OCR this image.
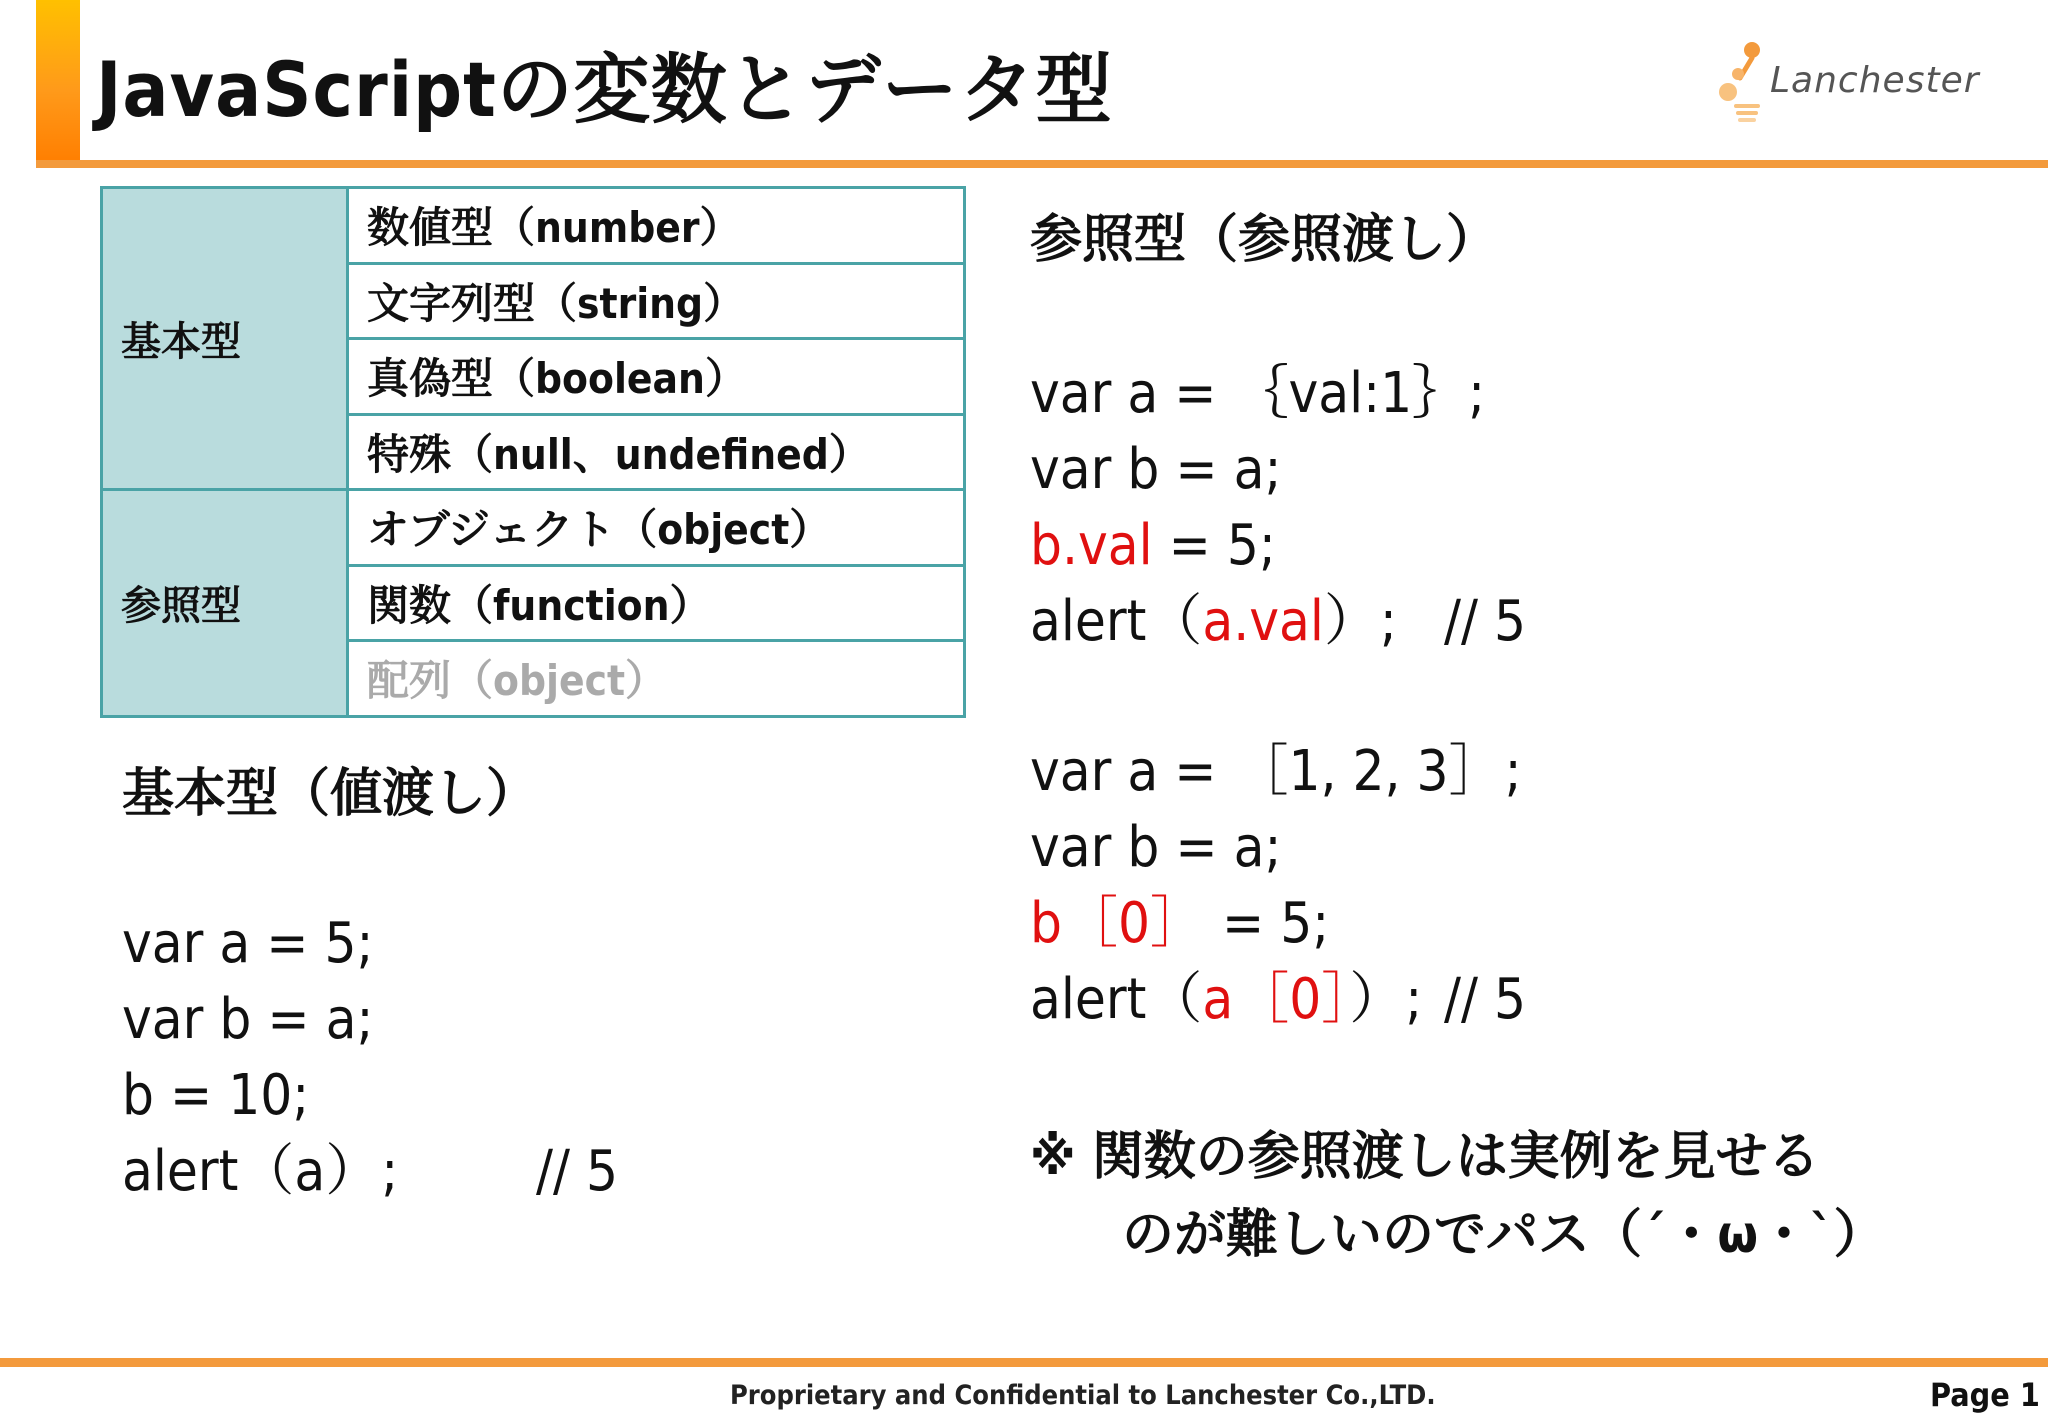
JavaScriptの変数とデータ型	Lanchester
基本型	数値型（number）
	文字列型（string）
	真偽型（boolean）
	特殊（null、undefined）
参照型	オブジェクト（object）
	関数（function）
	配列（object）
基本型（値渡し）
var a = 5;
var b = a;
b = 10;
alert（a）; // 5
参照型（参照渡し）
var a = ｛val:1｝;
var b = a;
b.val = 5;
alert（a.val）; // 5
var a = ［1, 2, 3］;
var b = a;
b［0］ = 5;
alert（a［0］）; // 5
※ 関数の参照渡しは実例を見せる
のが難しいのでパス（´・ω・`）
Proprietary and Confidential to Lanchester Co.,LTD.	Page 1
